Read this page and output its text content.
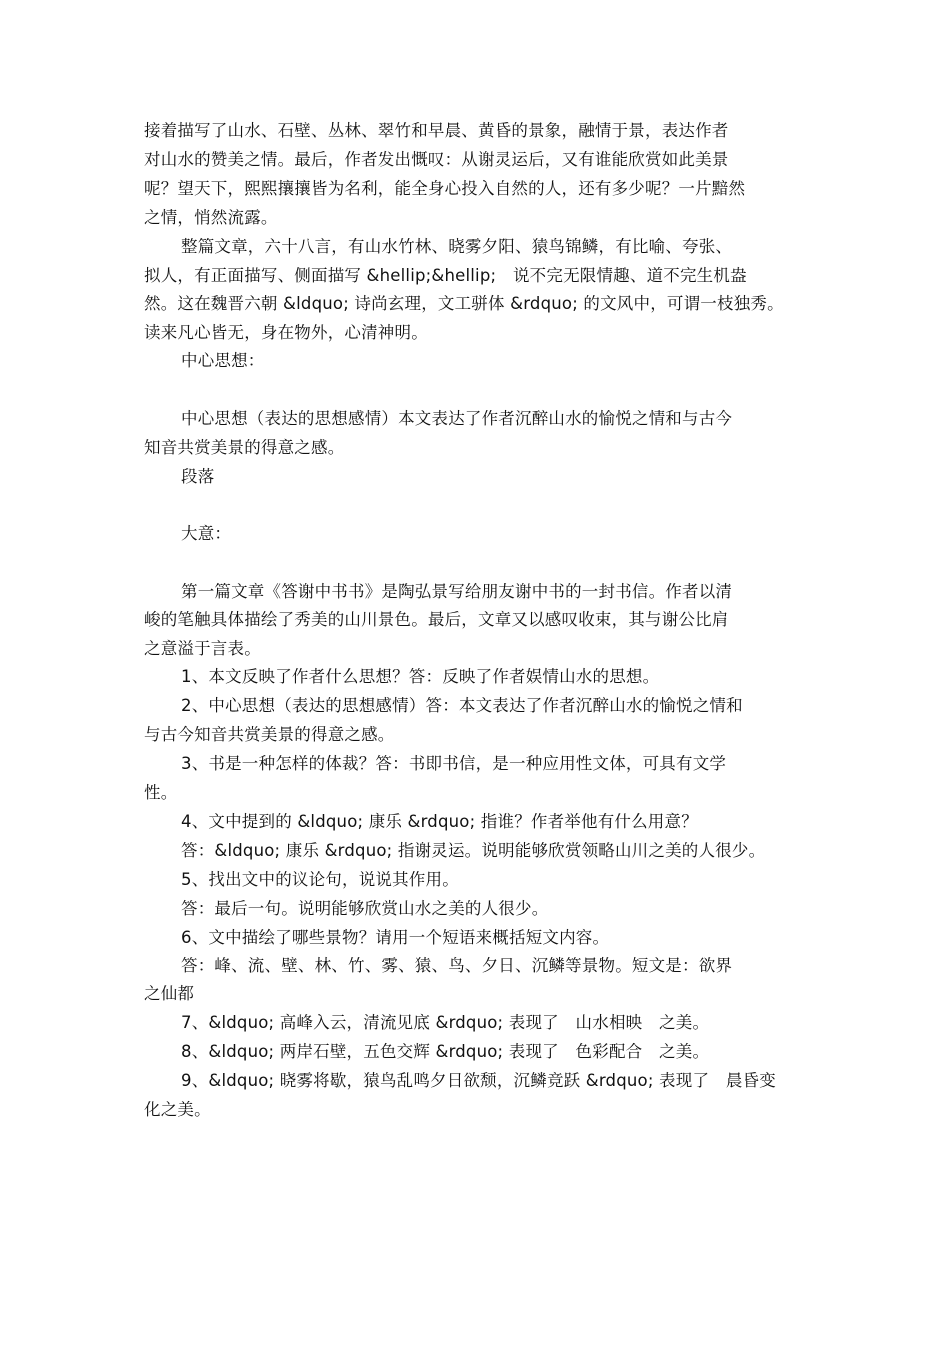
接着描写了山水、石壁、丛林、翠竹和早晨、黄昏的景象，融情于景，表达作者
对山水的赞美之情。最后，作者发出慨叹：从谢灵运后，又有谁能欣赏如此美景
呢？望天下，熙熙攘攘皆为名利，能全身心投入自然的人，还有多少呢？一片黯然
之情，悄然流露。
整篇文章，六十八言，有山水竹林、晓雾夕阳、猿鸟锦鳞，有比喻、夸张、
拟人，有正面描写、侧面描写 &hellip;&hellip;　说不完无限情趣、道不完生机盎
然。这在魏晋六朝 &ldquo; 诗尚玄理，文工骈体 &rdquo; 的文风中，可谓一枝独秀。
读来凡心皆无，身在物外，心清神明。
中心思想：
中心思想（表达的思想感情）本文表达了作者沉醉山水的愉悦之情和与古今
知音共赏美景的得意之感。
段落
大意：
第一篇文章《答谢中书书》是陶弘景写给朋友谢中书的一封书信。作者以清
峻的笔触具体描绘了秀美的山川景色。最后，文章又以感叹收束，其与谢公比肩
之意溢于言表。
1、本文反映了作者什么思想？答：反映了作者娱情山水的思想。
2、中心思想（表达的思想感情）答：本文表达了作者沉醉山水的愉悦之情和
与古今知音共赏美景的得意之感。
3、书是一种怎样的体裁？答：书即书信，是一种应用性文体，可具有文学
性。
4、文中提到的 &ldquo; 康乐 &rdquo; 指谁？作者举他有什么用意？
答：&ldquo; 康乐 &rdquo; 指谢灵运。说明能够欣赏领略山川之美的人很少。
5、找出文中的议论句，说说其作用。
答：最后一句。说明能够欣赏山水之美的人很少。
6、文中描绘了哪些景物？请用一个短语来概括短文内容。
答：峰、流、壁、林、竹、雾、猿、鸟、夕日、沉鳞等景物。短文是：欲界
之仙都
7、&ldquo; 高峰入云，清流见底 &rdquo; 表现了　山水相映　之美。
8、&ldquo; 两岸石壁，五色交辉 &rdquo; 表现了　色彩配合　之美。
9、&ldquo; 晓雾将歇，猿鸟乱鸣夕日欲颓，沉鳞竞跃 &rdquo; 表现了　晨昏变
化之美。
